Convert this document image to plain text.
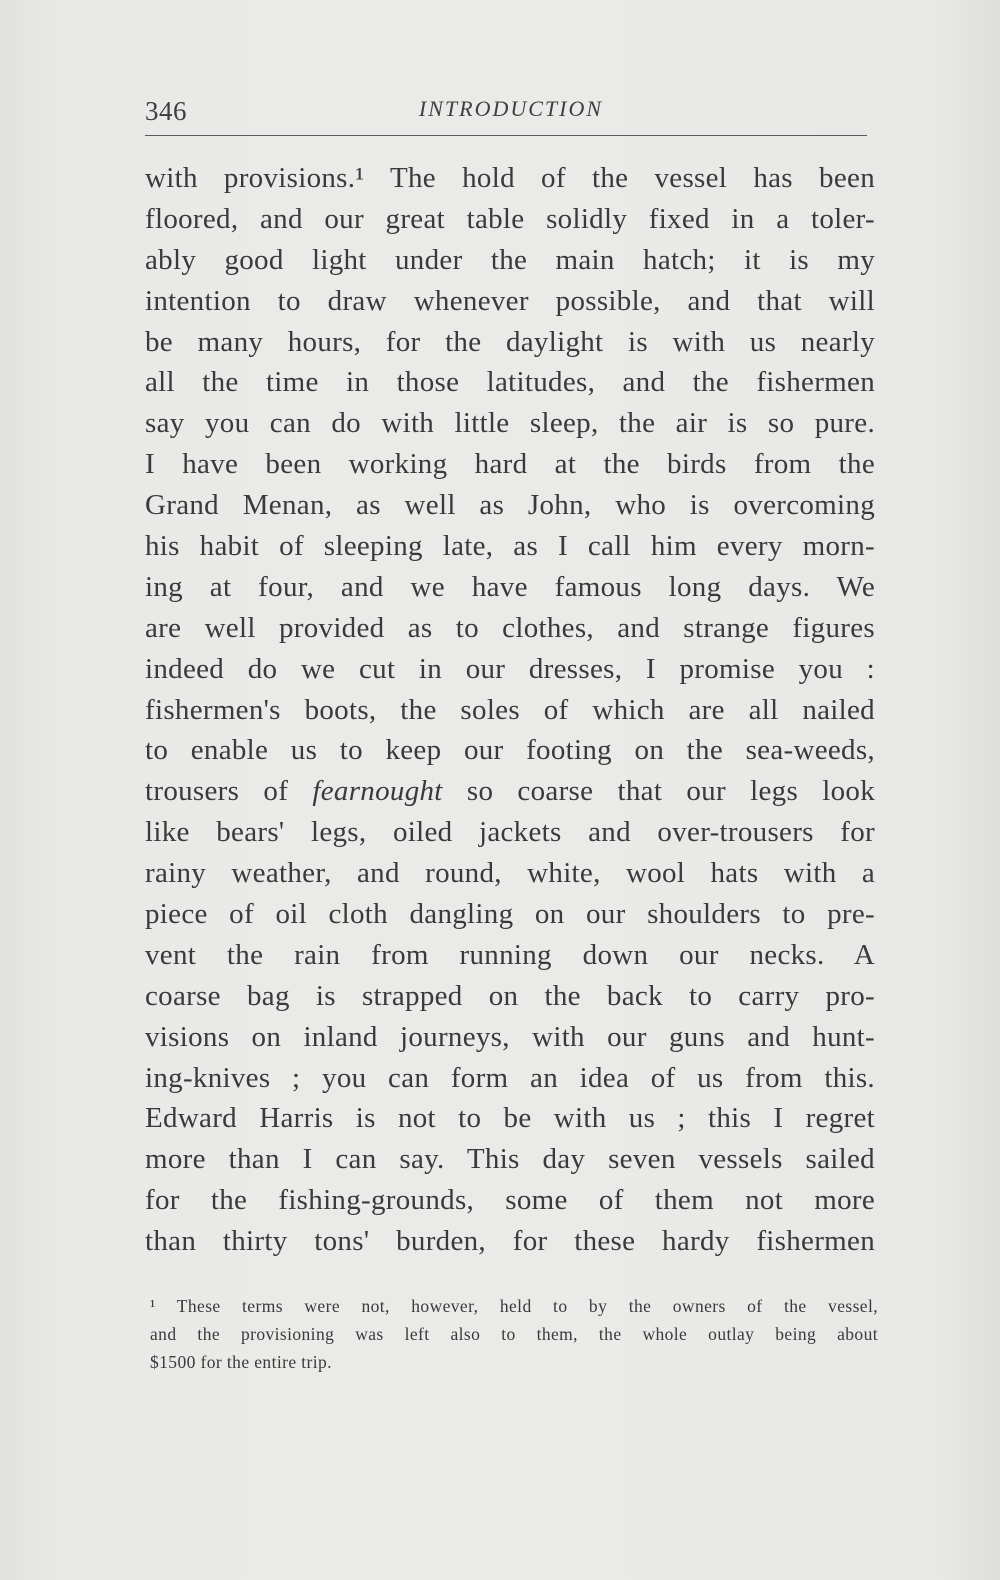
346	INTRODUCTION
with provisions.¹ The hold of the vessel has been
floored, and our great table solidly fixed in a toler-
ably good light under the main hatch; it is my
intention to draw whenever possible, and that will
be many hours, for the daylight is with us nearly
all the time in those latitudes, and the fishermen
say you can do with little sleep, the air is so pure.
I have been working hard at the birds from the
Grand Menan, as well as John, who is overcoming
his habit of sleeping late, as I call him every morn-
ing at four, and we have famous long days. We
are well provided as to clothes, and strange figures
indeed do we cut in our dresses, I promise you :
fishermen's boots, the soles of which are all nailed
to enable us to keep our footing on the sea-weeds,
trousers of fearnought so coarse that our legs look
like bears' legs, oiled jackets and over-trousers for
rainy weather, and round, white, wool hats with a
piece of oil cloth dangling on our shoulders to pre-
vent the rain from running down our necks. A
coarse bag is strapped on the back to carry pro-
visions on inland journeys, with our guns and hunt-
ing-knives ; you can form an idea of us from this.
Edward Harris is not to be with us ; this I regret
more than I can say. This day seven vessels sailed
for the fishing-grounds, some of them not more
than thirty tons' burden, for these hardy fishermen
¹ These terms were not, however, held to by the owners of the vessel,
and the provisioning was left also to them, the whole outlay being about
$1500 for the entire trip.
